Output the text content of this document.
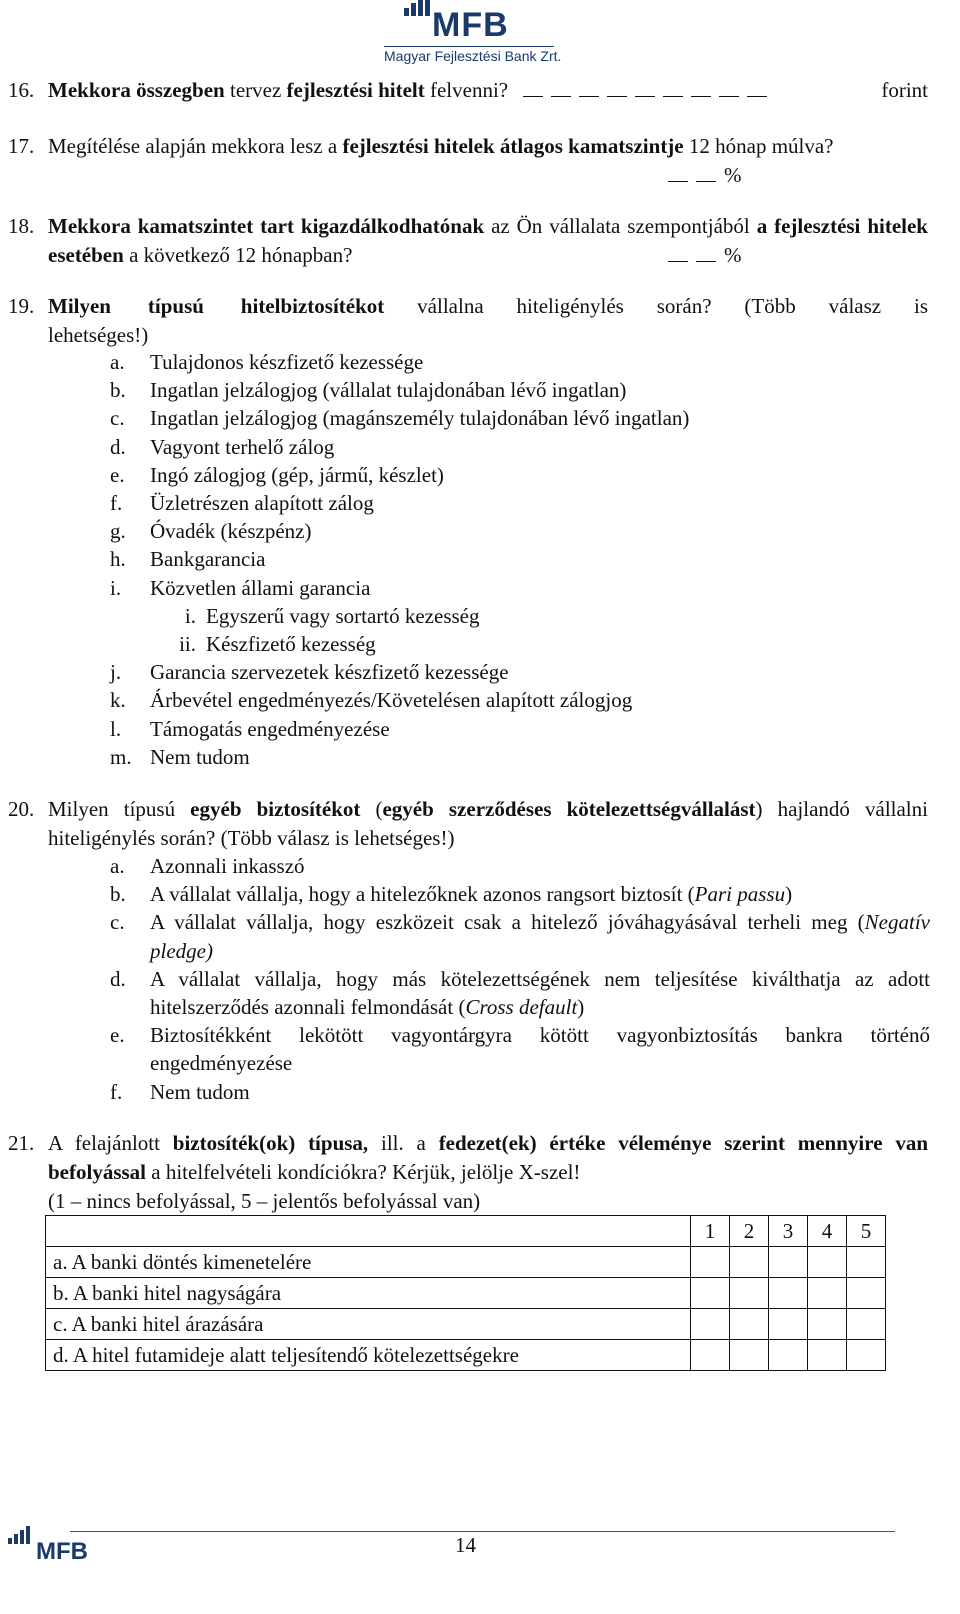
MFB
Magyar Fejlesztési Bank Zrt.
16. Mekkora összegben tervez fejlesztési hitelt felvenni?	forint
17. Megítélése alapján mekkora lesz a fejlesztési hitelek átlagos kamatszintje 12 hónap múlva?
%
18. Mekkora kamatszintet tart kigazdálkodhatónak az Ön vállalata szempontjából a fejlesztési hitelek esetében a következő 12 hónapban?	%
19. Milyen típusú hitelbiztosítékot vállalna hiteligénylés során? (Több válasz is lehetséges!)
a.	Tulajdonos készfizető kezessége
b.	Ingatlan jelzálogjog (vállalat tulajdonában lévő ingatlan)
c.	Ingatlan jelzálogjog (magánszemély tulajdonában lévő ingatlan)
d.	Vagyont terhelő zálog
e.	Ingó zálogjog (gép, jármű, készlet)
f.	Üzletrészen alapított zálog
g.	Óvadék (készpénz)
h.	Bankgarancia
i.	Közvetlen állami garancia
i. Egyszerű vagy sortartó kezesség
ii. Készfizető kezesség
j.	Garancia szervezetek készfizető kezessége
k.	Árbevétel engedményezés/Követelésen alapított zálogjog
l.	Támogatás engedményezése
m. Nem tudom
20. Milyen típusú egyéb biztosítékot (egyéb szerződéses kötelezettségvállalást) hajlandó vállalni hiteligénylés során? (Több válasz is lehetséges!)
a.	Azonnali inkasszó
b.	A vállalat vállalja, hogy a hitelezőknek azonos rangsort biztosít (Pari passu)
c.	A vállalat vállalja, hogy eszközeit csak a hitelező jóváhagyásával terheli meg (Negatív pledge)
d.	A vállalat vállalja, hogy más kötelezettségének nem teljesítése kiválthatja az adott hitelszerződés azonnali felmondását (Cross default)
e.	Biztosítékként lekötött vagyontárgyra kötött vagyonbiztosítás bankra történő engedményezése
f.	Nem tudom
21. A felajánlott biztosíték(ok) típusa, ill. a fedezet(ek) értéke véleménye szerint mennyire van befolyással a hitelfelvételi kondíciókra? Kérjük, jelölje X-szel!
(1 – nincs befolyással, 5 – jelentős befolyással van)
	1	2	3	4	5
a. A banki döntés kimenetelére					
b. A banki hitel nagyságára					
c. A banki hitel árazására					
d. A hitel futamideje alatt teljesítendő kötelezettségekre					
MFB	14
